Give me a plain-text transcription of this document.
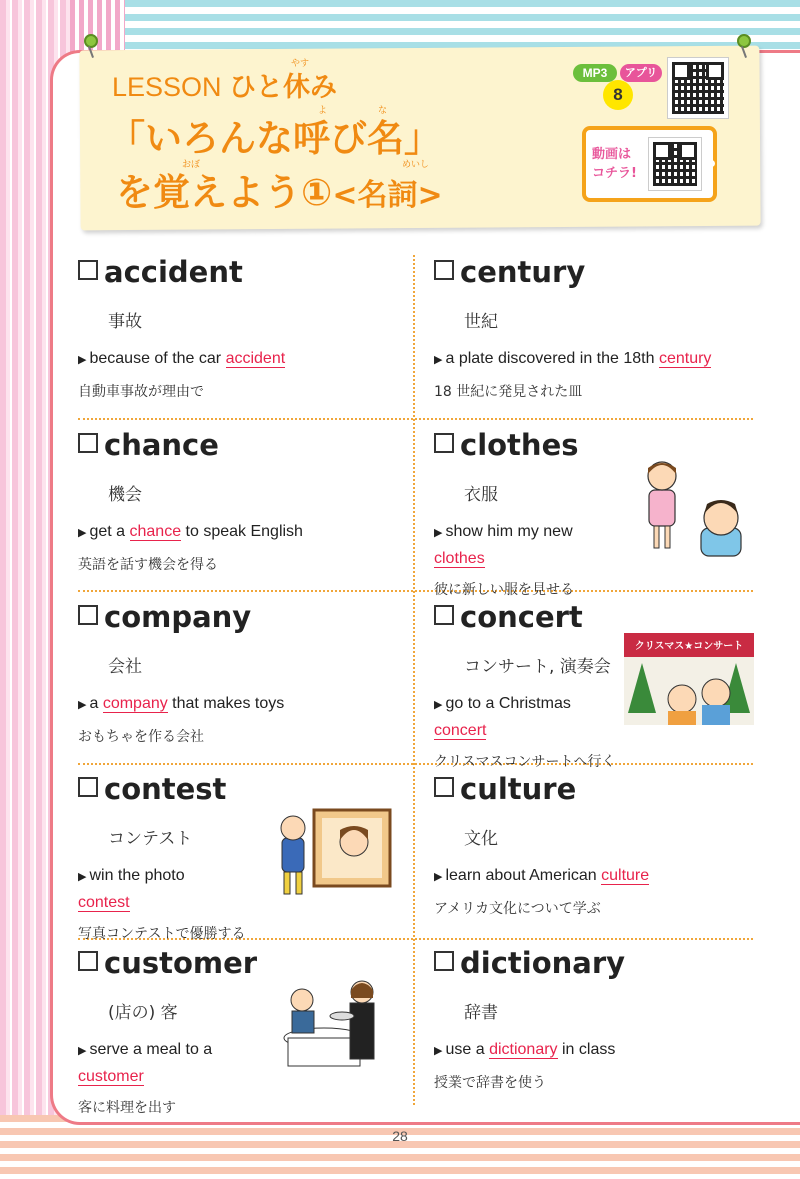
やす
LESSON ひと休み
よ	な
「いろんな呼び名」
おぼ	めいし
を覚えよう①<名詞>
MP3	アプリ
8
動画は
コチラ!
accident
事故
▶ because of the car accident
自動車事故が理由で
century
世紀
▶ a plate discovered in the 18th century
18 世紀に発見された皿
chance
機会
▶ get a chance to speak English
英語を話す機会を得る
clothes
衣服
▶ show him my new
clothes
彼に新しい服を見せる
company
会社
▶ a company that makes toys
おもちゃを作る会社
concert
コンサート, 演奏会
▶ go to a Christmas
concert
クリスマスコンサートへ行く
contest
コンテスト
▶ win the photo
contest
写真コンテストで優勝する
culture
文化
▶ learn about American culture
アメリカ文化について学ぶ
customer
(店の) 客
▶ serve a meal to a
customer
客に料理を出す
dictionary
辞書
▶ use a dictionary in class
授業で辞書を使う
クリスマス★コンサート
28
